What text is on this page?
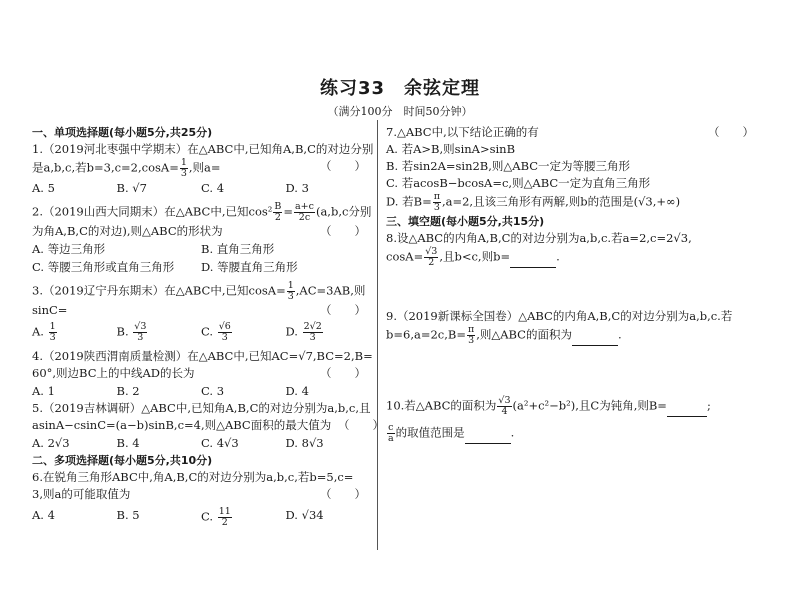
练习33　余弦定理
（满分100分　时间50分钟）
一、单项选择题(每小题5分,共25分)
1.（2019河北枣强中学期末）在△ABC中,已知角A,B,C的对边分别
是a,b,c,若$b=3,c=2,\cos A= \frac{1}{3}$ ,则a=	（　　）
A. 5	B. √7	C. 4	D. 3
2.（2019山西大同期末）在△ABC中,已知$\cos^2 \frac{B}{2} = \frac{a+c}{2c} (a,b,c$分别
为角A,B,C的对边),则△ABC的形状为	（　　）
A. 等边三角形	B. 直角三角形
C. 等腰三角形或直角三角形	D. 等腰直角三角形
3.（2019辽宁丹东期末）在△ABC中,已知$\cos A= \frac{1}{3} ,AC=3AB$,则
sinC=	（　　）
A. $\frac{1}{3}$	B. $\frac{√3}{3}$	C. $\frac{√6}{3}$	D. $\frac{2√2}{3}$
4.（2019陕西渭南质量检测）在△ABC中,已知AC=√7,BC=2,B=
60°,则边BC上的中线AD的长为	（　　）
A. 1	B. 2	C. 3	D. 4
5.（2019吉林调研）△ABC中,已知角A,B,C的对边分别为a,b,c,且
asinA−csinC=(a−b)sinB,c=4,则△ABC面积的最大值为 （　　）
A. 2√3	B. 4	C. 4√3	D. 8√3
二、多项选择题(每小题5分,共10分)
6.在锐角三角形ABC中,角A,B,C的对边分别为a,b,c,若b=5,c=
3,则a的可能取值为	（　　）
A. 4	B. 5	C. $\frac{11}{2}$	D. √34
7.△ABC中,以下结论正确的有	（　　）
A. 若A>B,则sinA>sinB
B. 若sin2A=sin2B,则△ABC一定为等腰三角形
C. 若acosB−bcosA=c,则△ABC一定为直角三角形
D. 若$B= \frac{\pi}{3} ,a=2$,且该三角形有两解,则b的范围是(√3,+∞)
三、填空题(每小题5分,共15分)
8.设△ABC的内角A,B,C的对边分别为a,b,c.若a=2,c=2√3,
$\cos A= \frac{√3}{2}$ ,且b<c,则b=	.
9.（2019新课标全国卷）△ABC的内角A,B,C的对边分别为a,b,c.若
$b=6,a=2c,B= \frac{\pi}{3}$ ,则△ABC的面积为	.
10.若△ABC的面积为 $\frac{√3}{4} (a^2+c^2-b^2)$,且C为钝角,则B=	;
$\frac{c}{a}$ 的取值范围是	.
